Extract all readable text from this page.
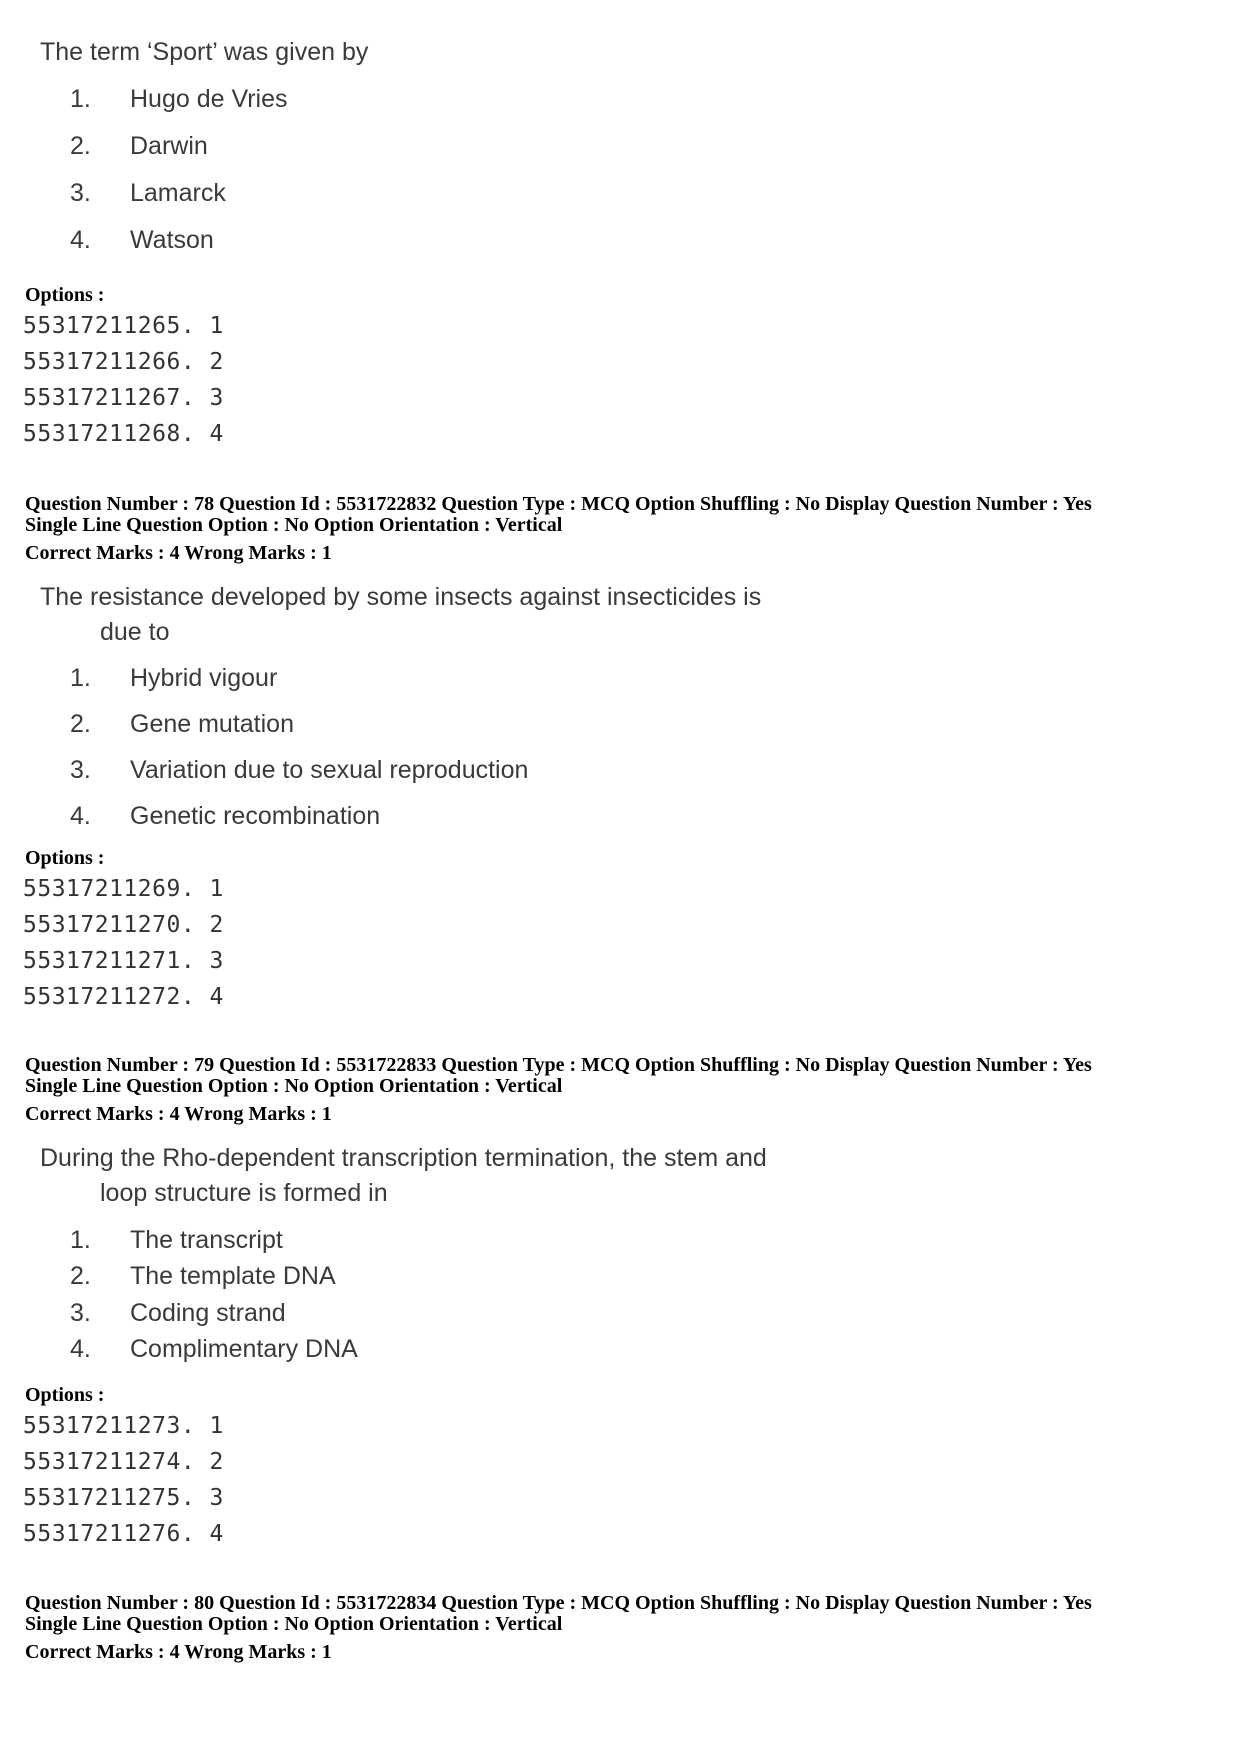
The term ‘Sport’ was given by
1. Hugo de Vries
2. Darwin
3. Lamarck
4. Watson
Options :
55317211265. 1
55317211266. 2
55317211267. 3
55317211268. 4
Question Number : 78 Question Id : 5531722832 Question Type : MCQ Option Shuffling : No Display Question Number : Yes
Single Line Question Option : No Option Orientation : Vertical
Correct Marks : 4 Wrong Marks : 1
The resistance developed by some insects against insecticides is
due to
1. Hybrid vigour
2. Gene mutation
3. Variation due to sexual reproduction
4. Genetic recombination
Options :
55317211269. 1
55317211270. 2
55317211271. 3
55317211272. 4
Question Number : 79 Question Id : 5531722833 Question Type : MCQ Option Shuffling : No Display Question Number : Yes
Single Line Question Option : No Option Orientation : Vertical
Correct Marks : 4 Wrong Marks : 1
During the Rho-dependent transcription termination, the stem and
loop structure is formed in
1. The transcript
2. The template DNA
3. Coding strand
4. Complimentary DNA
Options :
55317211273. 1
55317211274. 2
55317211275. 3
55317211276. 4
Question Number : 80 Question Id : 5531722834 Question Type : MCQ Option Shuffling : No Display Question Number : Yes
Single Line Question Option : No Option Orientation : Vertical
Correct Marks : 4 Wrong Marks : 1
